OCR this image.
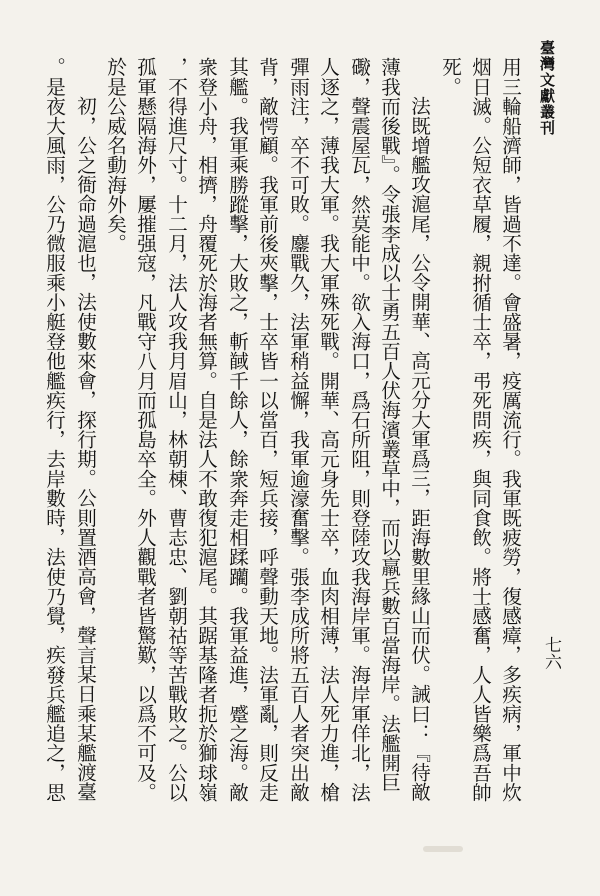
臺灣文獻叢刊
七六
用三輪船濟師，皆過不達。會盛暑，疫厲流行。我軍既疲勞，復感瘴，多疾病，軍中炊
烟日滅。公短衣草履，親拊循士卒，弔死問疾，與同食飲。將士感奮，人人皆樂爲吾帥
死。
法既增艦攻滬尾，公令開華、高元分大軍爲三，距海數里緣山而伏。誡曰：『待敵
薄我而後戰』。令張李成以士勇五百人伏海濱叢草中，而以羸兵數百當海岸。法艦開巨
礮，聲震屋瓦，然莫能中。欲入海口，爲石所阻，則登陸攻我海岸軍。海岸軍佯北，法
人逐之，薄我大軍。我大軍殊死戰。開華、高元身先士卒，血肉相薄，法人死力進，槍
彈雨注，卒不可敗。鏖戰久，法軍稍益懈，我軍逾濠奮擊。張李成所將五百人者突出敵
背，敵愕顧。我軍前後夾擊，士卒皆一以當百，短兵接，呼聲動天地。法軍亂，則反走
其艦。我軍乘勝蹤擊，大敗之，斬馘千餘人，餘衆奔走相蹂躪。我軍益進，蹙之海。敵
衆登小舟，相擠，舟覆死於海者無算。自是法人不敢復犯滬尾。其踞基隆者扼於獅球嶺
，不得進尺寸。十二月，法人攻我月眉山，林朝棟、曹志忠、劉朝祜等苦戰敗之。公以
孤軍懸隔海外，屢摧强寇，凡戰守八月而孤島卒全。外人觀戰者皆驚歎，以爲不可及。
於是公威名動海外矣。
初，公之衙命過滬也，法使數來會，探行期。公則置酒高會，聲言某日乘某艦渡臺
。是夜大風雨，公乃微服乘小艇登他艦疾行，去岸數時，法使乃覺，疾發兵艦追之，思
